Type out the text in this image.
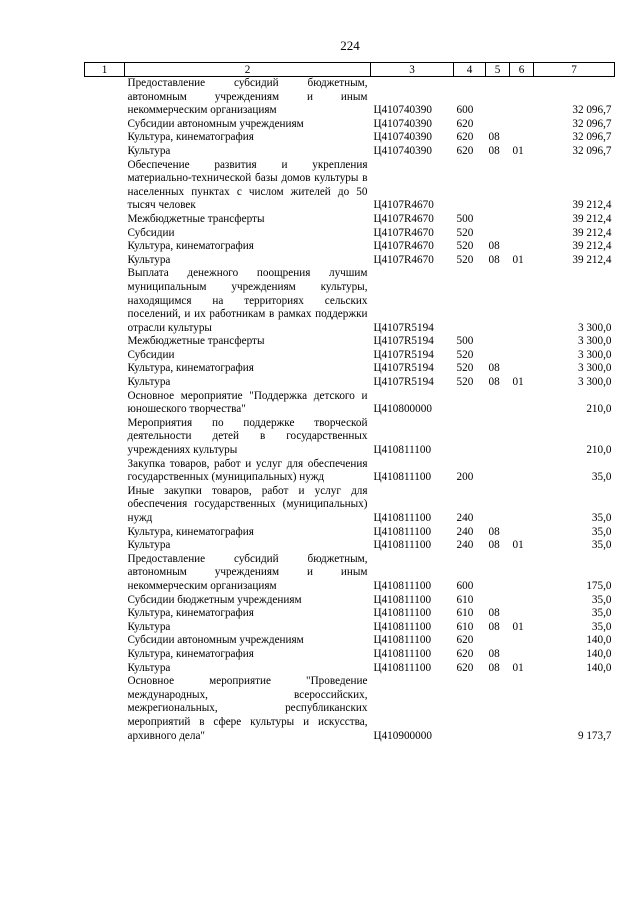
224
1	2	3	4	5	6	7
	Предоставление субсидий бюджетным, автономным учреждениям и иным некоммерческим организациям	Ц410740390	600			32 096,7
	Субсидии автономным учреждениям	Ц410740390	620			32 096,7
	Культура, кинематография	Ц410740390	620	08		32 096,7
	Культура	Ц410740390	620	08	01	32 096,7
	Обеспечение развития и укрепления материально-технической базы домов культуры в населенных пунктах с числом жителей до 50 тысяч человек	Ц4107R4670				39 212,4
	Межбюджетные трансферты	Ц4107R4670	500			39 212,4
	Субсидии	Ц4107R4670	520			39 212,4
	Культура, кинематография	Ц4107R4670	520	08		39 212,4
	Культура	Ц4107R4670	520	08	01	39 212,4
	Выплата денежного поощрения лучшим муниципальным учреждениям культуры, находящимся на территориях сельских поселений, и их работникам в рамках поддержки отрасли культуры	Ц4107R5194				3 300,0
	Межбюджетные трансферты	Ц4107R5194	500			3 300,0
	Субсидии	Ц4107R5194	520			3 300,0
	Культура, кинематография	Ц4107R5194	520	08		3 300,0
	Культура	Ц4107R5194	520	08	01	3 300,0
	Основное мероприятие "Поддержка детского и юношеского творчества"	Ц410800000				210,0
	Мероприятия по поддержке творческой деятельности детей в государственных учреждениях культуры	Ц410811100				210,0
	Закупка товаров, работ и услуг для обеспечения государственных (муниципальных) нужд	Ц410811100	200			35,0
	Иные закупки товаров, работ и услуг для обеспечения государственных (муниципальных) нужд	Ц410811100	240			35,0
	Культура, кинематография	Ц410811100	240	08		35,0
	Культура	Ц410811100	240	08	01	35,0
	Предоставление субсидий бюджетным, автономным учреждениям и иным некоммерческим организациям	Ц410811100	600			175,0
	Субсидии бюджетным учреждениям	Ц410811100	610			35,0
	Культура, кинематография	Ц410811100	610	08		35,0
	Культура	Ц410811100	610	08	01	35,0
	Субсидии автономным учреждениям	Ц410811100	620			140,0
	Культура, кинематография	Ц410811100	620	08		140,0
	Культура	Ц410811100	620	08	01	140,0
	Основное мероприятие "Проведение международных, всероссийских, межрегиональных, республиканских мероприятий в сфере культуры и искусства, архивного дела"	Ц410900000				9 173,7
